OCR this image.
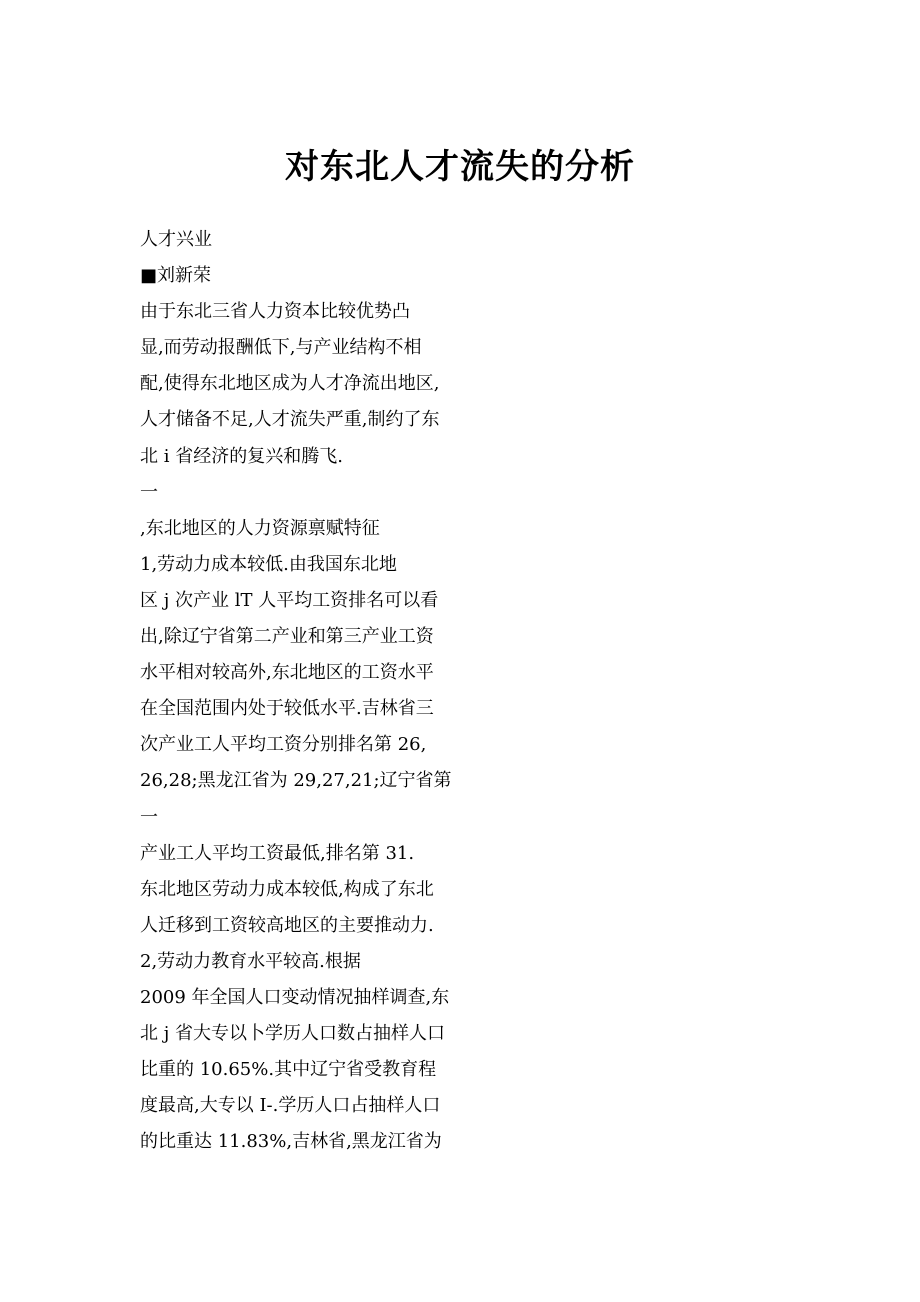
对东北人才流失的分析
人才兴业
■刘新荣
由于东北三省人力资本比较优势凸
显,而劳动报酬低下,与产业结构不相
配,使得东北地区成为人才净流出地区,
人才储备不足,人才流失严重,制约了东
北 i 省经济的复兴和腾飞.
一
,东北地区的人力资源禀赋特征
1,劳动力成本较低.由我国东北地
区 j 次产业 lT 人平均工资排名可以看
出,除辽宁省第二产业和第三产业工资
水平相对较高外,东北地区的工资水平
在全国范围内处于较低水平.吉林省三
次产业工人平均工资分别排名第 26,
26,28;黑龙江省为 29,27,21;辽宁省第
一
产业工人平均工资最低,排名第 31.
东北地区劳动力成本较低,构成了东北
人迁移到工资较高地区的主要推动力.
2,劳动力教育水平较高.根据
2009 年全国人口变动情况抽样调查,东
北 j 省大专以卜学历人口数占抽样人口
比重的 10.65%.其中辽宁省受教育程
度最高,大专以 I-.学历人口占抽样人口
的比重达 11.83%,吉林省,黑龙江省为
